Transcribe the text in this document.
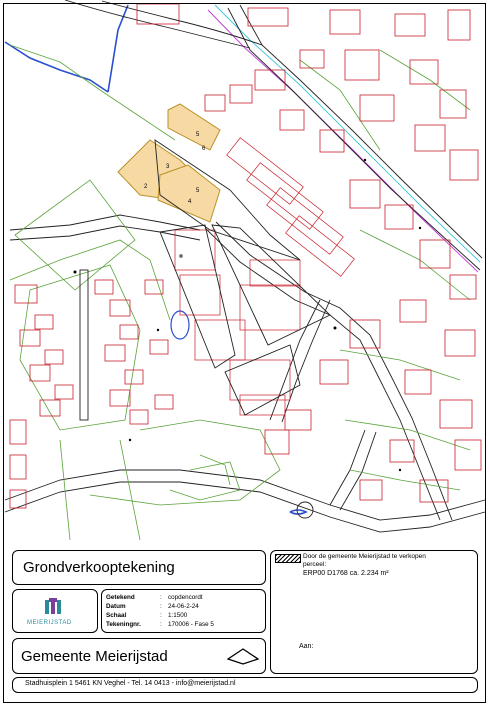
5
6
3
2
5
4
Grondverkooptekening
MEIERIJSTAD
Getekend	: copdencordt
Datum	: 24-06-2-24
Schaal	: 1:1500
Tekeningnr.	: 170006 - Fase 5
Gemeente Meierijstad
Door de gemeente Meierijstad te verkopen
perceel:
ERP00 D1768 ca. 2.234 m²
Aan:
Stadhuisplein 1 5461 KN Veghel - Tel. 14 0413 - info@meierijstad.nl
